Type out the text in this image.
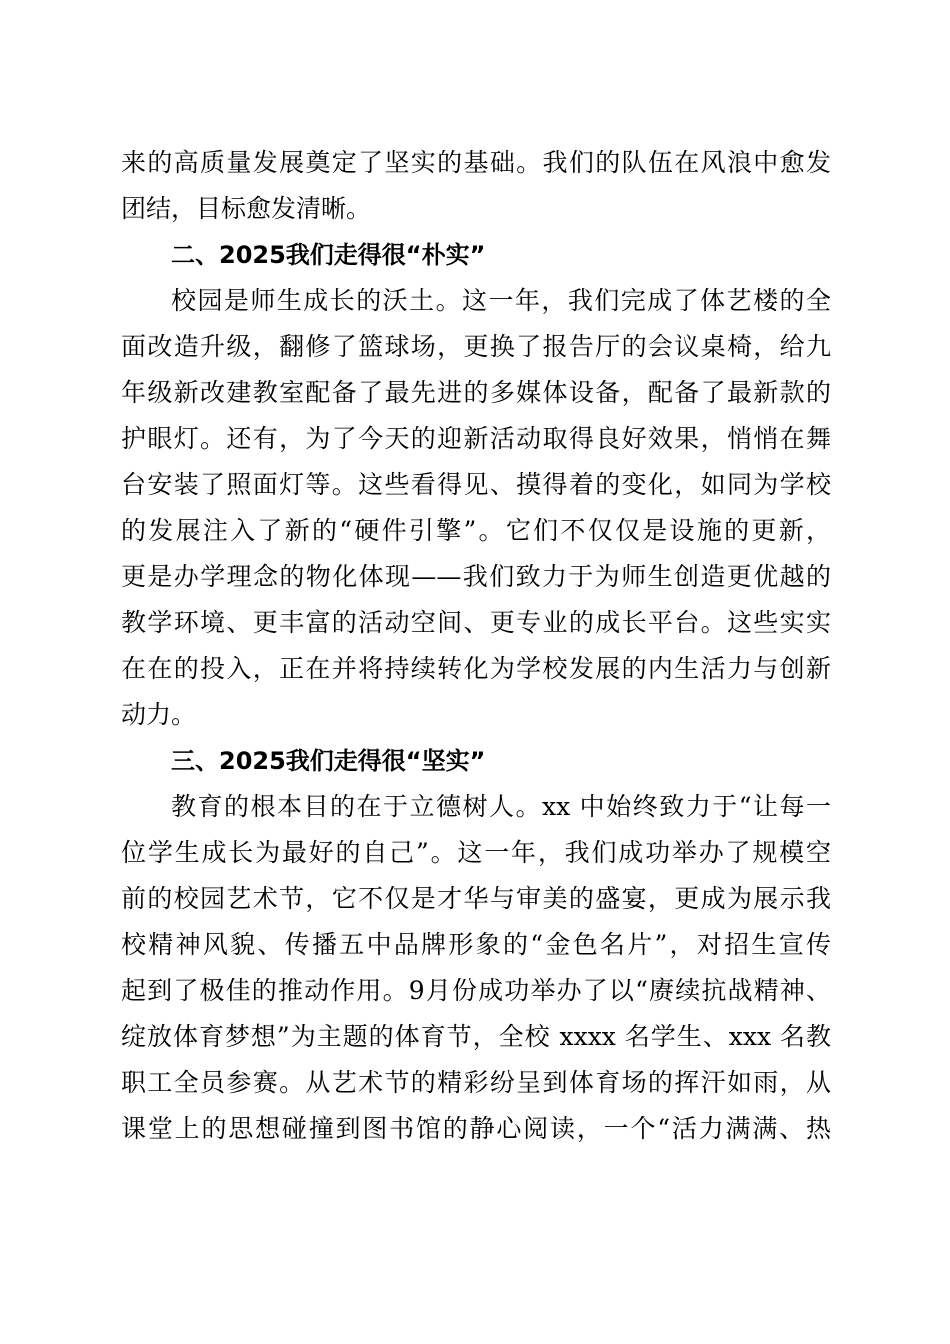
来的高质量发展奠定了坚实的基础。我们的队伍在风浪中愈发
团结，目标愈发清晰。
二、2025我们走得很“朴实”
校园是师生成长的沃土。这一年，我们完成了体艺楼的全
面改造升级，翻修了篮球场，更换了报告厅的会议桌椅，给九
年级新改建教室配备了最先进的多媒体设备，配备了最新款的
护眼灯。还有，为了今天的迎新活动取得良好效果，悄悄在舞
台安装了照面灯等。这些看得见、摸得着的变化，如同为学校
的发展注入了新的“硬件引擎”。它们不仅仅是设施的更新，
更是办学理念的物化体现——我们致力于为师生创造更优越的
教学环境、更丰富的活动空间、更专业的成长平台。这些实实
在在的投入，正在并将持续转化为学校发展的内生活力与创新
动力。
三、2025我们走得很“坚实”
教育的根本目的在于立德树人。xx 中始终致力于“让每一
位学生成长为最好的自己”。这一年，我们成功举办了规模空
前的校园艺术节，它不仅是才华与审美的盛宴，更成为展示我
校精神风貌、传播五中品牌形象的“金色名片”，对招生宣传
起到了极佳的推动作用。9月份成功举办了以“赓续抗战精神、
绽放体育梦想”为主题的体育节，全校 xxxx 名学生、xxx 名教
职工全员参赛。从艺术节的精彩纷呈到体育场的挥汗如雨，从
课堂上的思想碰撞到图书馆的静心阅读，一个“活力满满、热
